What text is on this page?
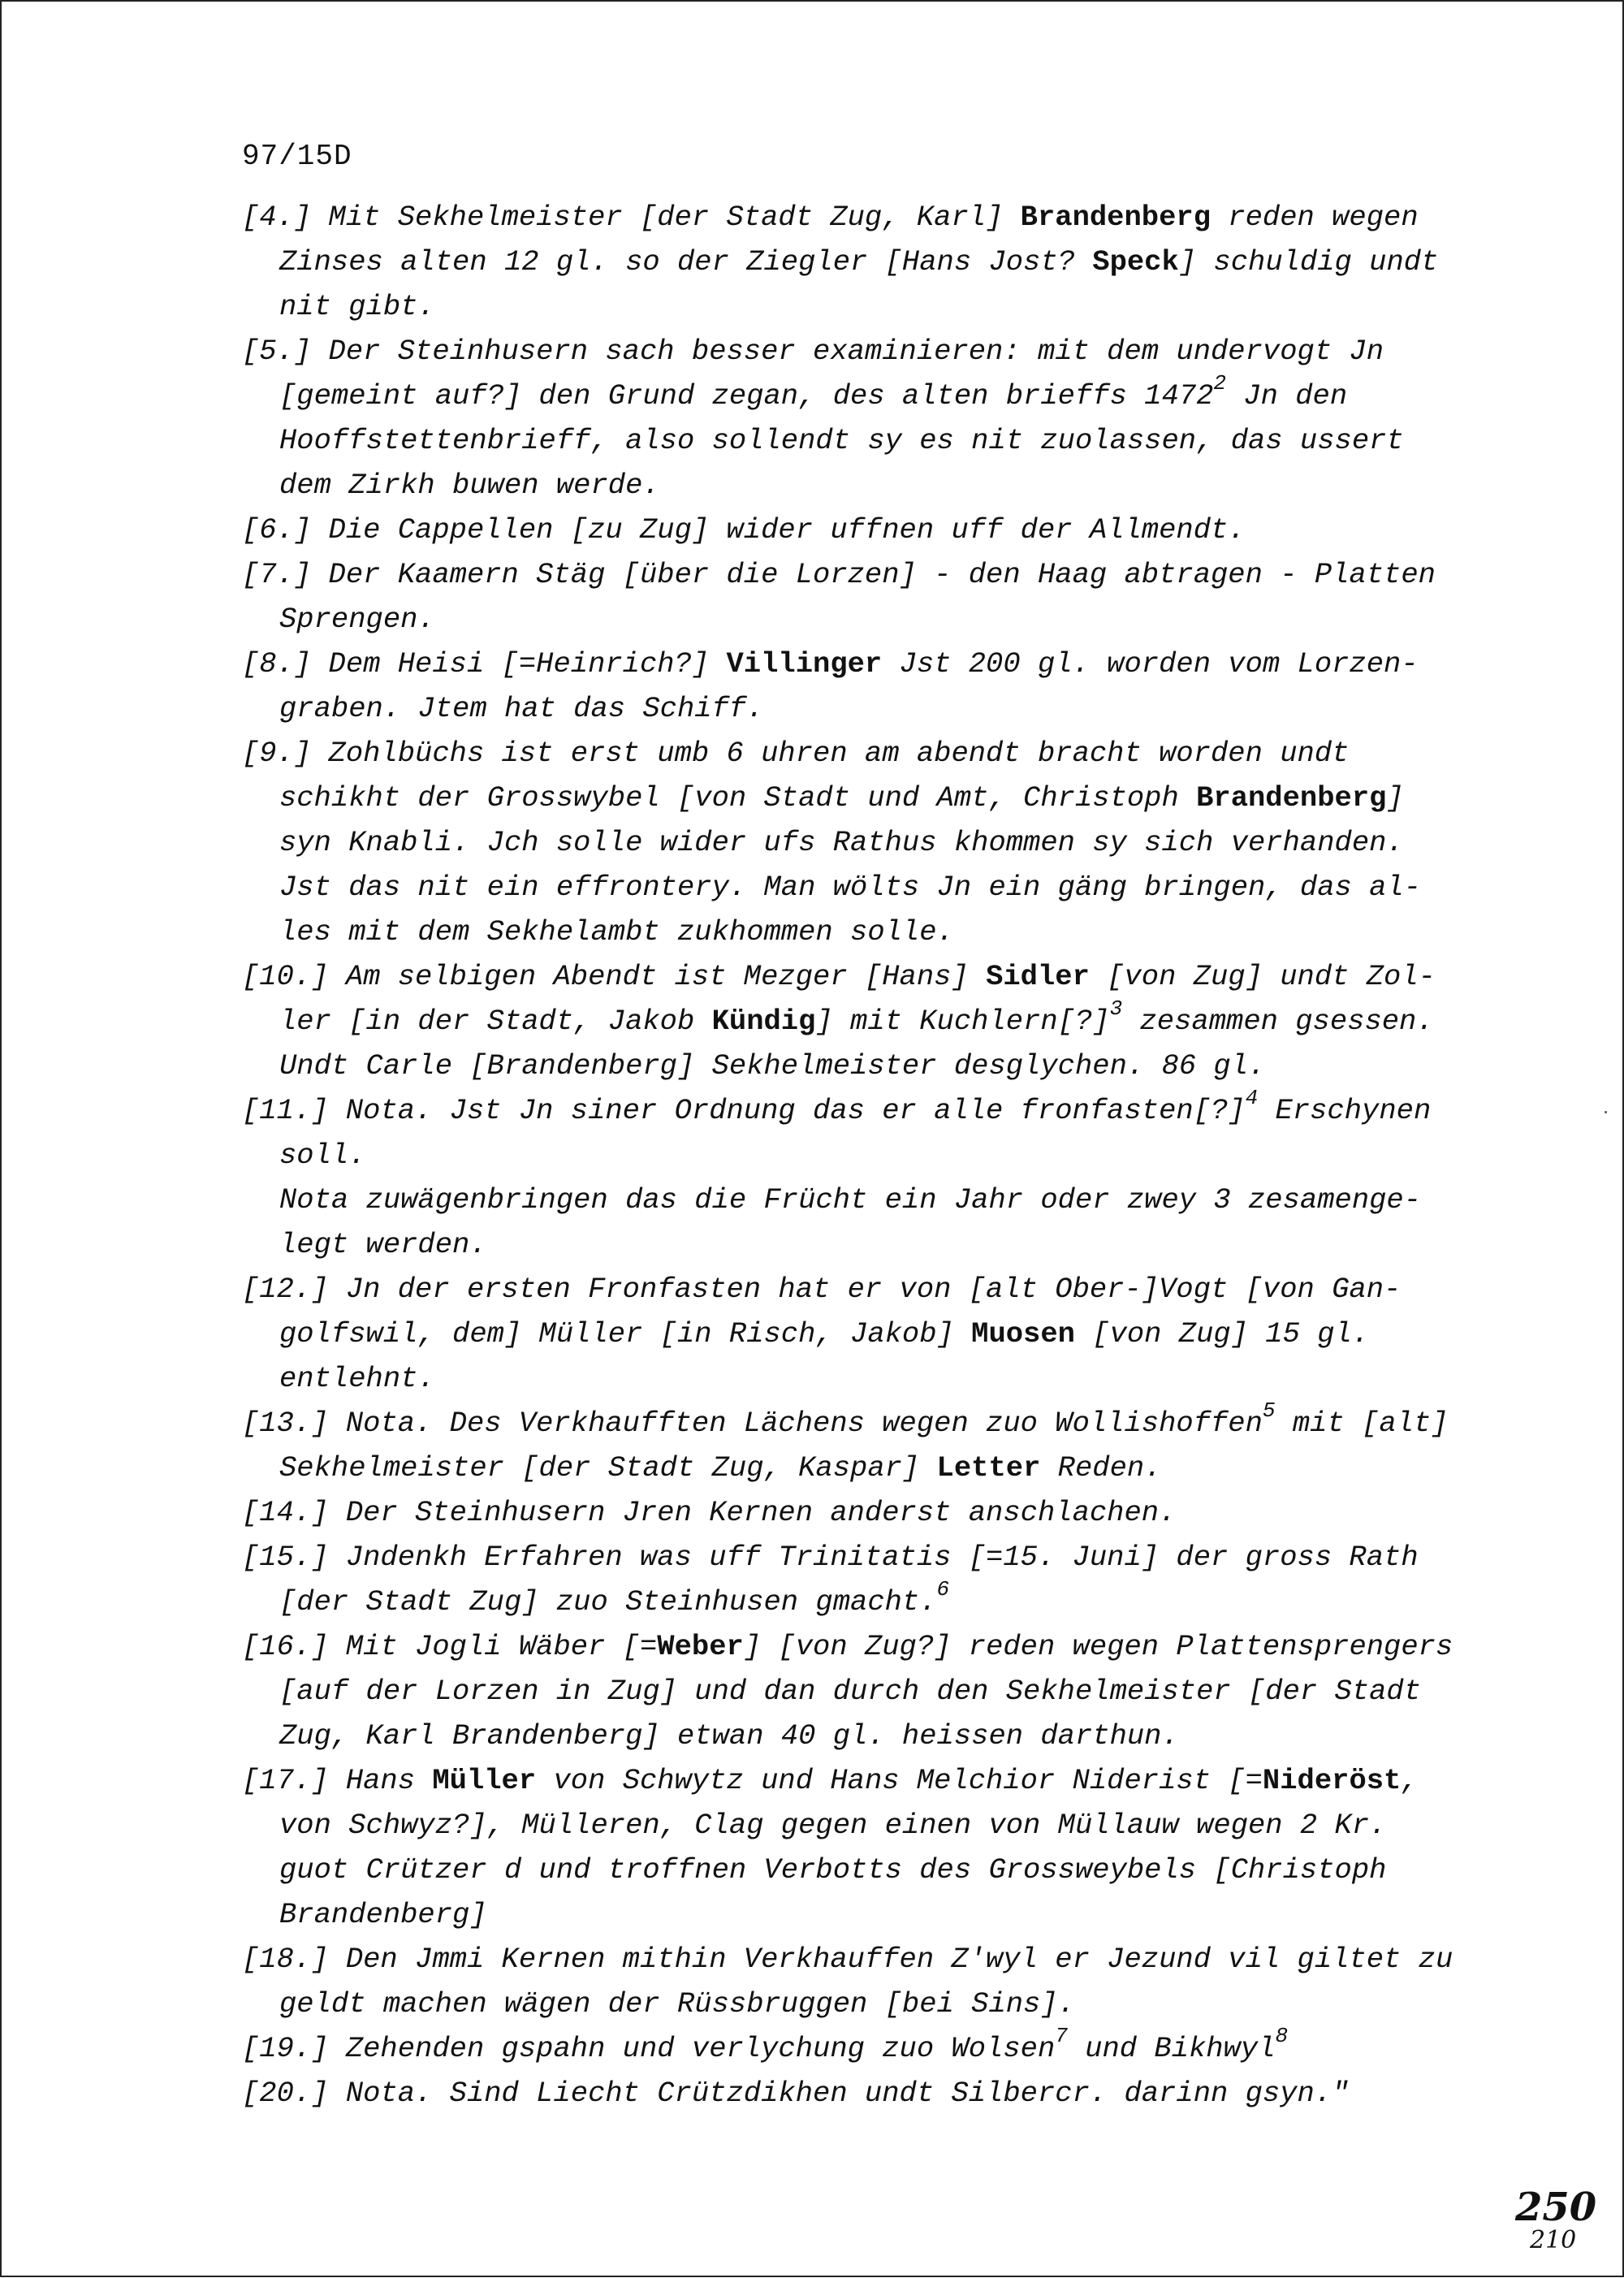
97/15D
[4.] Mit Sekhelmeister [der Stadt Zug, Karl] Brandenberg reden wegen
Zinses alten 12 gl. so der Ziegler [Hans Jost? Speck] schuldig undt
nit gibt.
[5.] Der Steinhusern sach besser examinieren: mit dem undervogt Jn
[gemeint auf?] den Grund zegan, des alten brieffs 1472$^2$ Jn den
Hooffstettenbrieff, also sollendt sy es nit zuolassen, das ussert
dem Zirkh buwen werde.
[6.] Die Cappellen [zu Zug] wider uffnen uff der Allmendt.
[7.] Der Kaamern Stäg [über die Lorzen] - den Haag abtragen - Platten
Sprengen.
[8.] Dem Heisi [=Heinrich?] Villinger Jst 200 gl. worden vom Lorzen-
graben. Jtem hat das Schiff.
[9.] Zohlbüchs ist erst umb 6 uhren am abendt bracht worden undt
schikht der Grosswybel [von Stadt und Amt, Christoph Brandenberg]
syn Knabli. Jch solle wider ufs Rathus khommen sy sich verhanden.
Jst das nit ein effrontery. Man wölts Jn ein gäng bringen, das al-
les mit dem Sekhelambt zukhommen solle.
[10.] Am selbigen Abendt ist Mezger [Hans] Sidler [von Zug] undt Zol-
ler [in der Stadt, Jakob Kündig] mit Kuchlern[?]$^3$ zesammen gsessen.
Undt Carle [Brandenberg] Sekhelmeister desglychen. 86 gl.
[11.] Nota. Jst Jn siner Ordnung das er alle fronfasten[?]$^4$ Erschynen
soll.
Nota zuwägenbringen das die Frücht ein Jahr oder zwey 3 zesamenge-
legt werden.
[12.] Jn der ersten Fronfasten hat er von [alt Ober-]Vogt [von Gan-
golfswil, dem] Müller [in Risch, Jakob] Muosen [von Zug] 15 gl.
entlehnt.
[13.] Nota. Des Verkhaufften Lächens wegen zuo Wollishoffen$^5$ mit [alt]
Sekhelmeister [der Stadt Zug, Kaspar] Letter Reden.
[14.] Der Steinhusern Jren Kernen anderst anschlachen.
[15.] Jndenkh Erfahren was uff Trinitatis [=15. Juni] der gross Rath
[der Stadt Zug] zuo Steinhusen gmacht.$^6$
[16.] Mit Jogli Wäber [=Weber] [von Zug?] reden wegen Plattensprengers
[auf der Lorzen in Zug] und dan durch den Sekhelmeister [der Stadt
Zug, Karl Brandenberg] etwan 40 gl. heissen darthun.
[17.] Hans Müller von Schwytz und Hans Melchior Niderist [=Nideröst,
von Schwyz?], Mülleren, Clag gegen einen von Müllauw wegen 2 Kr.
guot Crützer d und troffnen Verbotts des Grossweybels [Christoph
Brandenberg]
[18.] Den Jmmi Kernen mithin Verkhauffen Z'wyl er Jezund vil giltet zu
geldt machen wägen der Rüssbruggen [bei Sins].
[19.] Zehenden gspahn und verlychung zuo Wolsen$^7$ und Bikhwyl$^8$
[20.] Nota. Sind Liecht Crützdikhen undt Silbercr. darinn gsyn."
250
210
